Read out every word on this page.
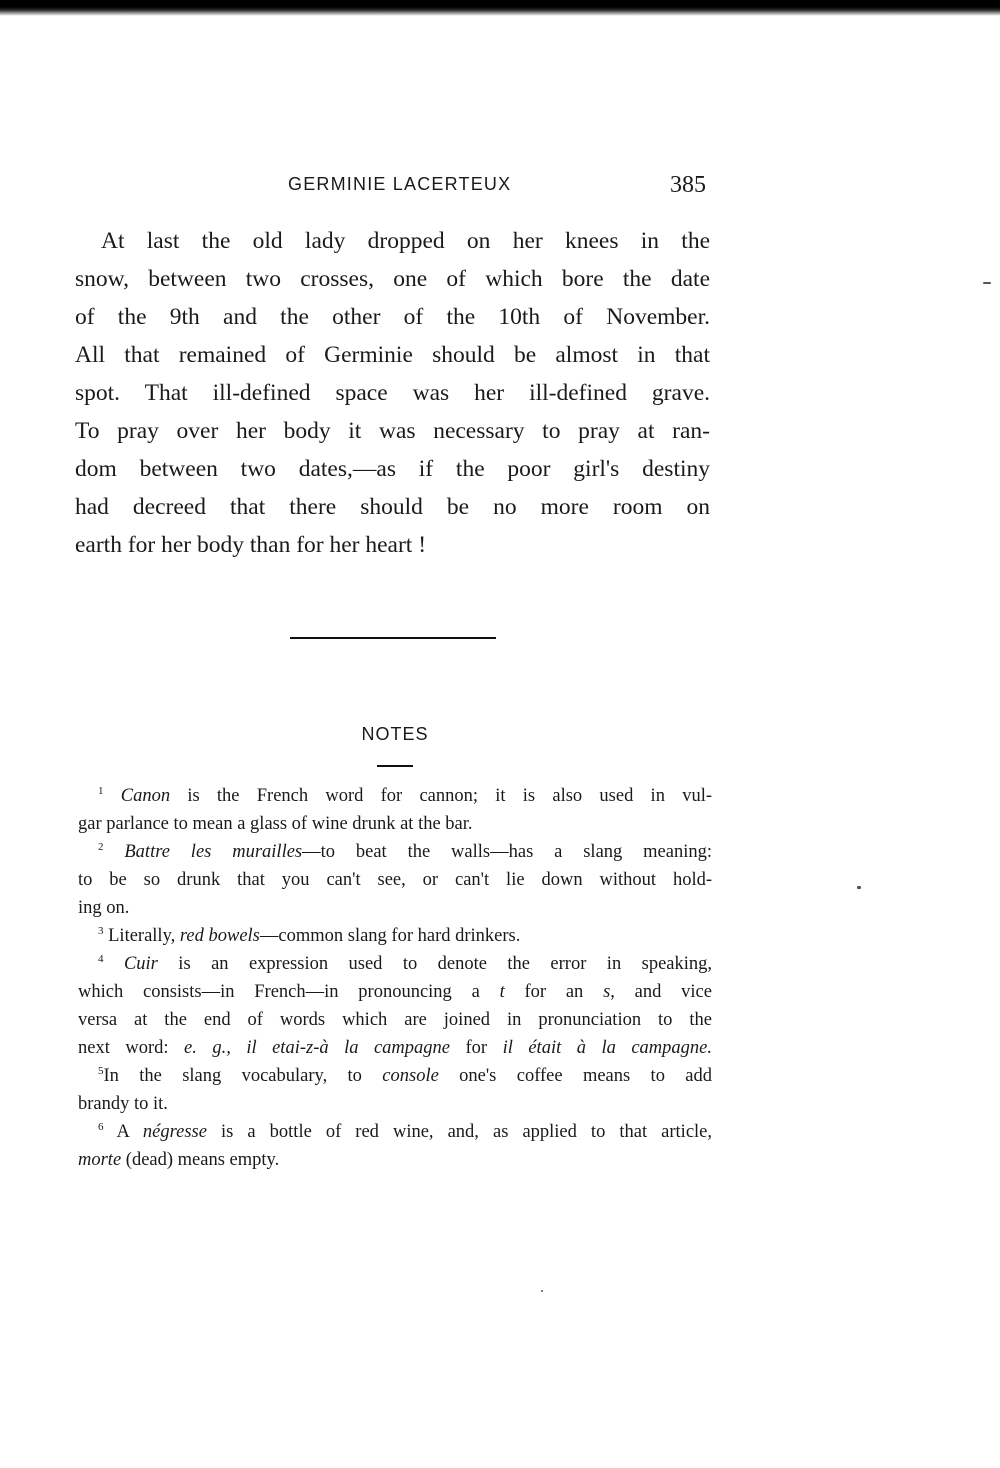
GERMINIE LACERTEUX	385
At last the old lady dropped on her knees in the
snow, between two crosses, one of which bore the date
of the 9th and the other of the 10th of November.
All that remained of Germinie should be almost in that
spot. That ill-defined space was her ill-defined grave.
To pray over her body it was necessary to pray at ran-
dom between two dates,—as if the poor girl's destiny
had decreed that there should be no more room on
earth for her body than for her heart !
NOTES
$^1$ Canon is the French word for cannon; it is also used in vul-
gar parlance to mean a glass of wine drunk at the bar.
$^2$ Battre les murailles—to beat the walls—has a slang meaning:
to be so drunk that you can't see, or can't lie down without hold-
ing on.
$^3$ Literally, red bowels—common slang for hard drinkers.
$^4$ Cuir is an expression used to denote the error in speaking,
which consists—in French—in pronouncing a t for an s, and vice
versa at the end of words which are joined in pronunciation to the
next word: e. g., il etai-z-à la campagne for il était à la campagne.
$^5$In the slang vocabulary, to console one's coffee means to add
brandy to it.
$^6$ A négresse is a bottle of red wine, and, as applied to that article,
morte (dead) means empty.
